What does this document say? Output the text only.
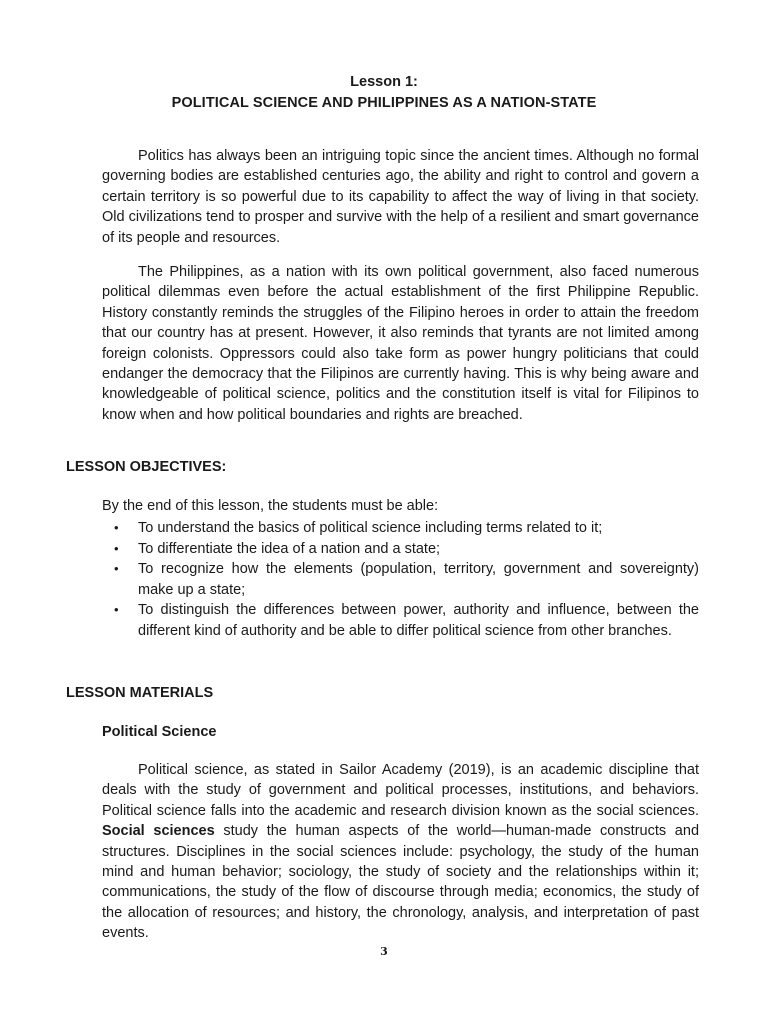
Lesson 1:
POLITICAL SCIENCE AND PHILIPPINES AS A NATION-STATE

Politics has always been an intriguing topic since the ancient times. Although no formal governing bodies are established centuries ago, the ability and right to control and govern a certain territory is so powerful due to its capability to affect the way of living in that society. Old civilizations tend to prosper and survive with the help of a resilient and smart governance of its people and resources.

The Philippines, as a nation with its own political government, also faced numerous political dilemmas even before the actual establishment of the first Philippine Republic. History constantly reminds the struggles of the Filipino heroes in order to attain the freedom that our country has at present. However, it also reminds that tyrants are not limited among foreign colonists. Oppressors could also take form as power hungry politicians that could endanger the democracy that the Filipinos are currently having. This is why being aware and knowledgeable of political science, politics and the constitution itself is vital for Filipinos to know when and how political boundaries and rights are breached.

LESSON OBJECTIVES:

By the end of this lesson, the students must be able:

• To understand the basics of political science including terms related to it;
• To differentiate the idea of a nation and a state;
• To recognize how the elements (population, territory, government and sovereignty) make up a state;
• To distinguish the differences between power, authority and influence, between the different kind of authority and be able to differ political science from other branches.
LESSON MATERIALS
Political Science

Political science, as stated in Sailor Academy (2019), is an academic discipline that deals with the study of government and political processes, institutions, and behaviors. Political science falls into the academic and research division known as the social sciences. Social sciences study the human aspects of the world—human-made constructs and structures. Disciplines in the social sciences include: psychology, the study of the human mind and human behavior; sociology, the study of society and the relationships within it; communications, the study of the flow of discourse through media; economics, the study of the allocation of resources; and history, the chronology, analysis, and interpretation of past events.

3
